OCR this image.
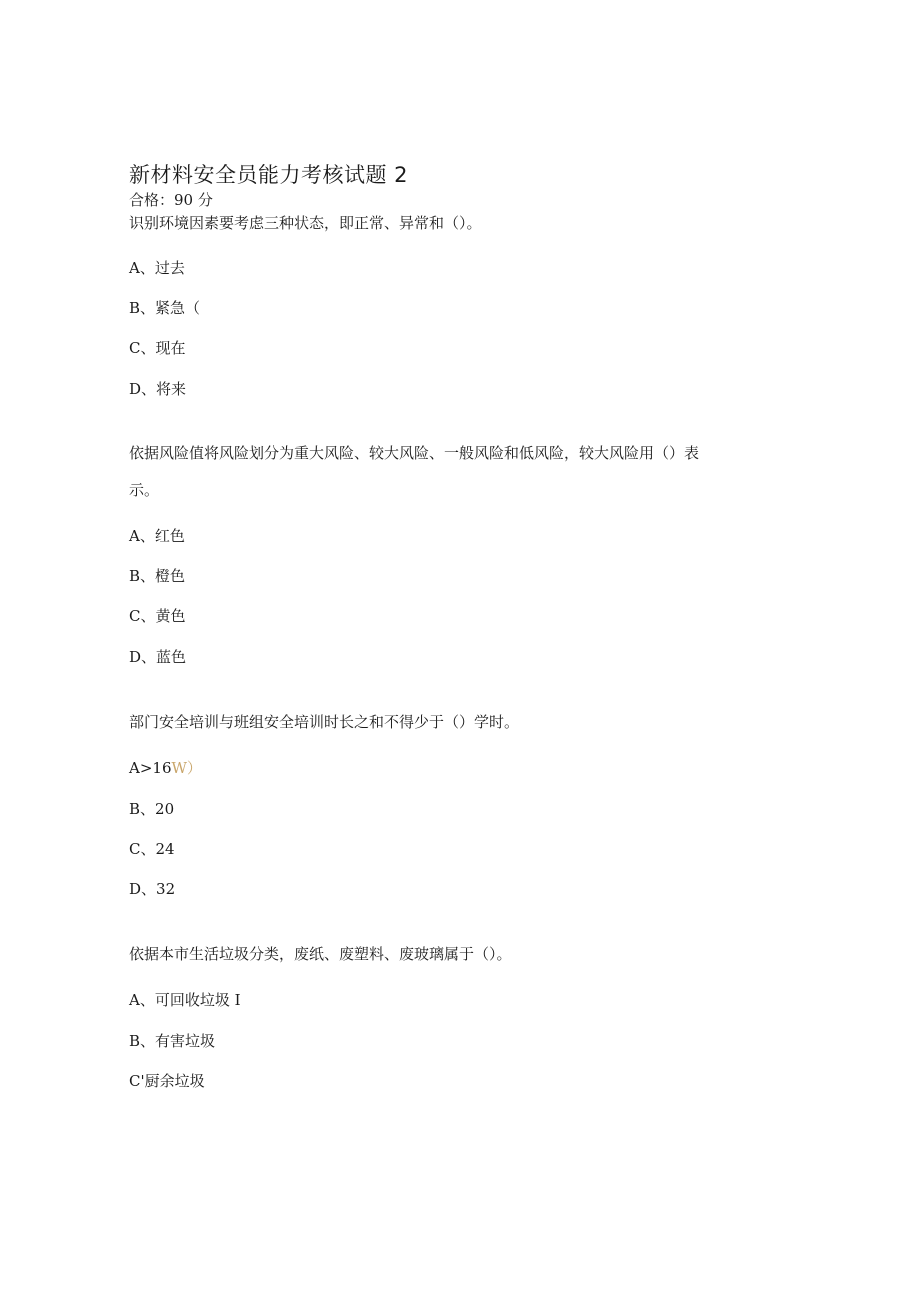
新材料安全员能力考核试题 2
合格：90 分
识别环境因素要考虑三种状态，即正常、异常和（）。
A、过去
B、紧急（
C、现在
D、将来
依据风险值将风险划分为重大风险、较大风险、一般风险和低风险，较大风险用（）表
示。
A、红色
B、橙色
C、黄色
D、蓝色
部门安全培训与班组安全培训时长之和不得少于（）学时。
A>16W）
B、20
C、24
D、32
依据本市生活垃圾分类，废纸、废塑料、废玻璃属于（）。
A、可回收垃圾 I
B、有害垃圾
C'厨余垃圾
